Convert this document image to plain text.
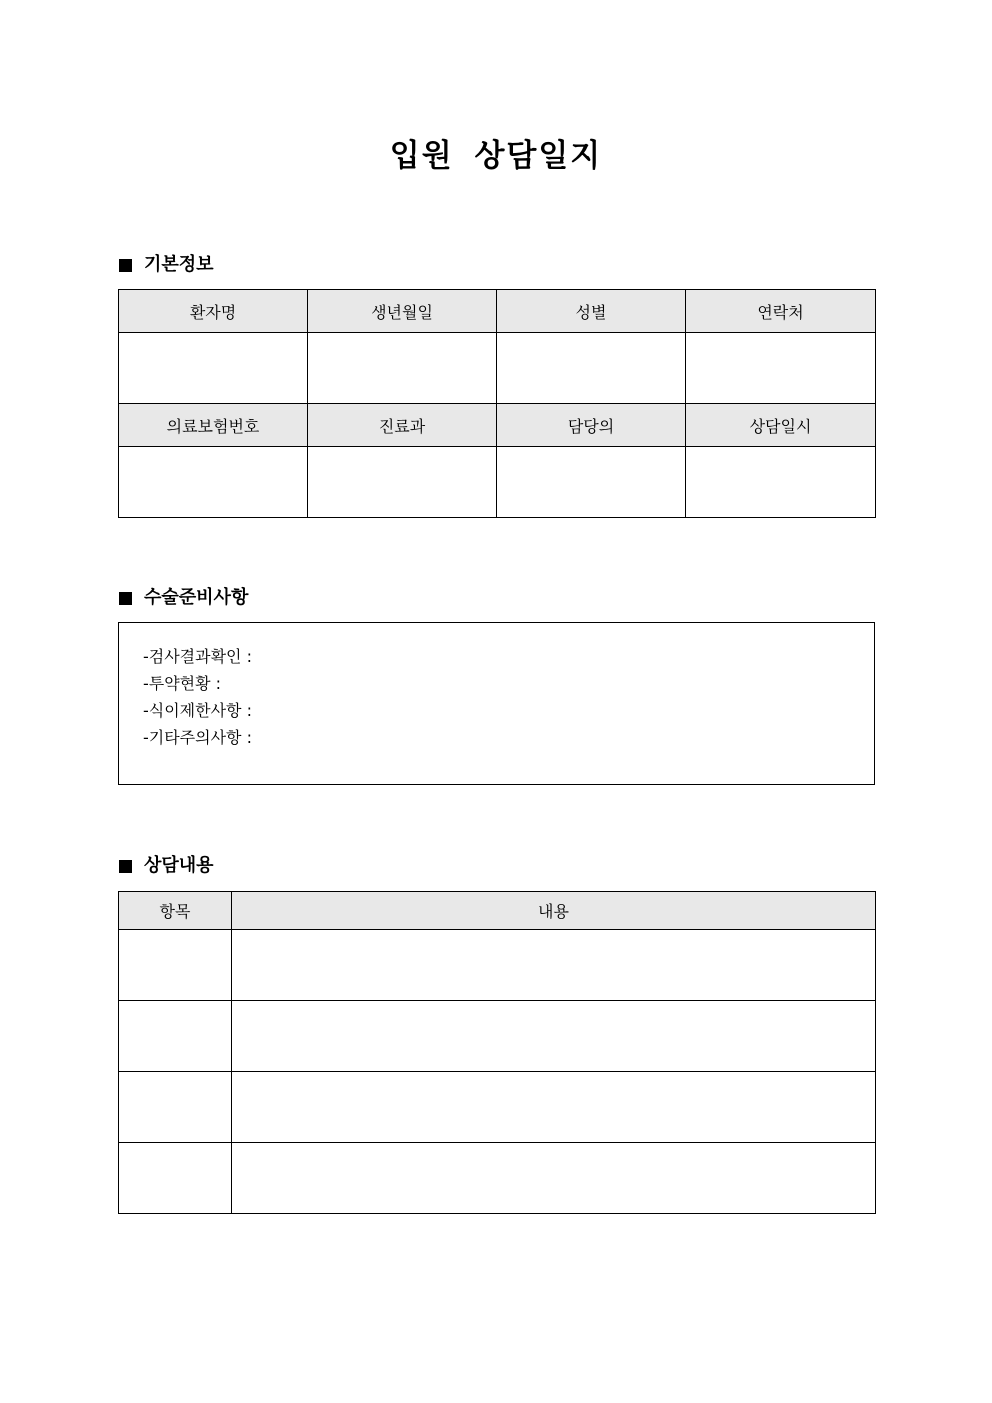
입원 상담일지
기본정보
환자명	생년월일	성별	연락처

의료보험번호	진료과	담당의	상담일시

수술준비사항
-검사결과확인 :
-투약현황 :
-식이제한사항 :
-기타주의사항 :
상담내용
항목	내용
